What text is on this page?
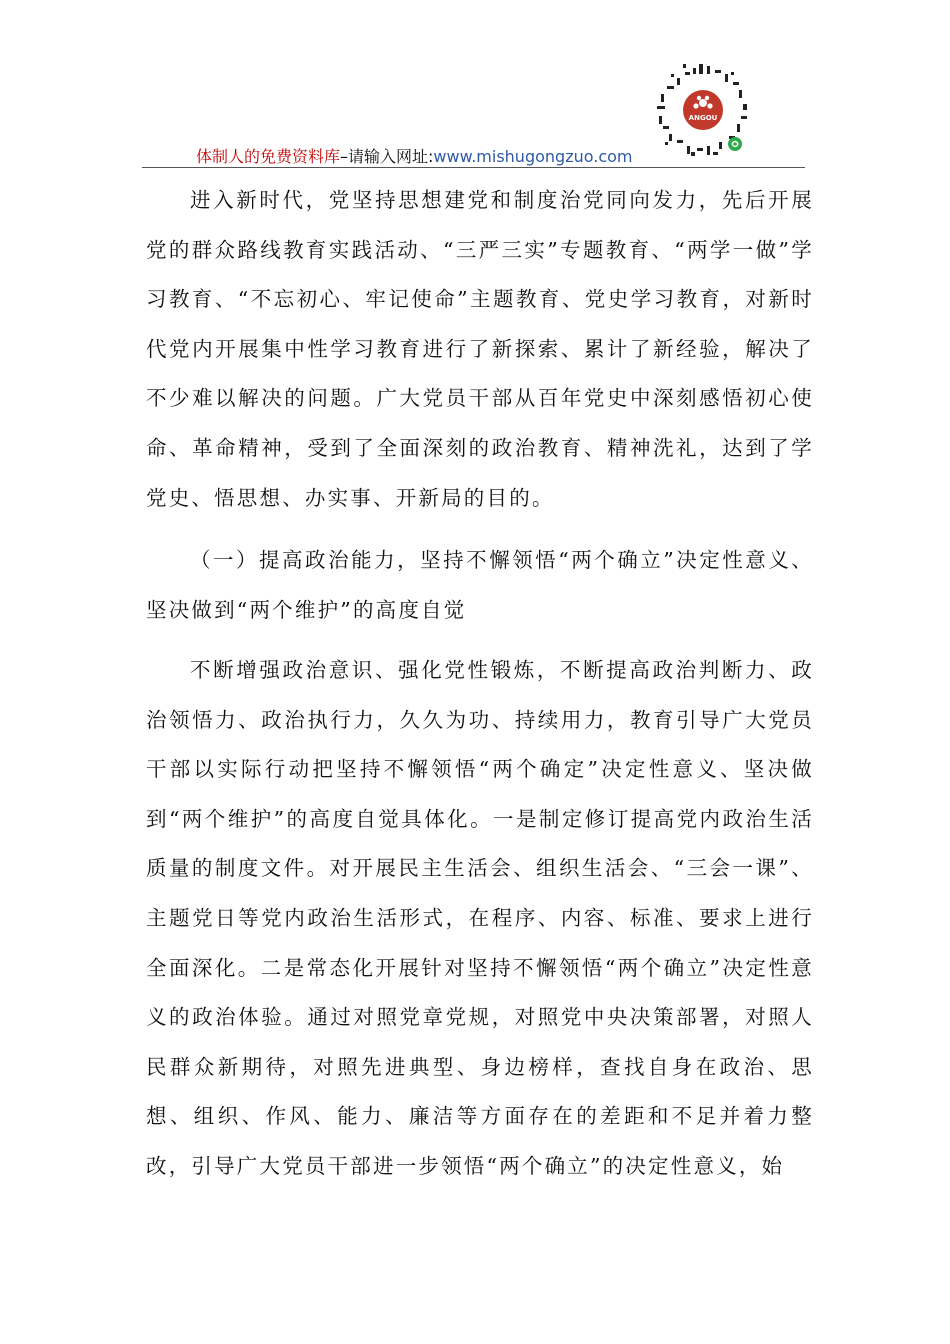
ANGOU
体制人的免费资料库–请输入网址:www.mishugongzuo.com

进入新时代，党坚持思想建党和制度治党同向发力，先后开展党的群众路线教育实践活动、“三严三实”专题教育、“两学一做”学习教育、“不忘初心、牢记使命”主题教育、党史学习教育，对新时代党内开展集中性学习教育进行了新探索、累计了新经验，解决了不少难以解决的问题。广大党员干部从百年党史中深刻感悟初心使命、革命精神，受到了全面深刻的政治教育、精神洗礼，达到了学党史、悟思想、办实事、开新局的目的。

（一）提高政治能力，坚持不懈领悟“两个确立”决定性意义、坚决做到“两个维护”的高度自觉

不断增强政治意识、强化党性锻炼，不断提高政治判断力、政治领悟力、政治执行力，久久为功、持续用力，教育引导广大党员干部以实际行动把坚持不懈领悟“两个确定”决定性意义、坚决做到“两个维护”的高度自觉具体化。一是制定修订提高党内政治生活质量的制度文件。对开展民主生活会、组织生活会、“三会一课”、主题党日等党内政治生活形式，在程序、内容、标准、要求上进行全面深化。二是常态化开展针对坚持不懈领悟“两个确立”决定性意义的政治体验。通过对照党章党规，对照党中央决策部署，对照人民群众新期待，对照先进典型、身边榜样，查找自身在政治、思想、组织、作风、能力、廉洁等方面存在的差距和不足并着力整改，引导广大党员干部进一步领悟“两个确立”的决定性意义，始
